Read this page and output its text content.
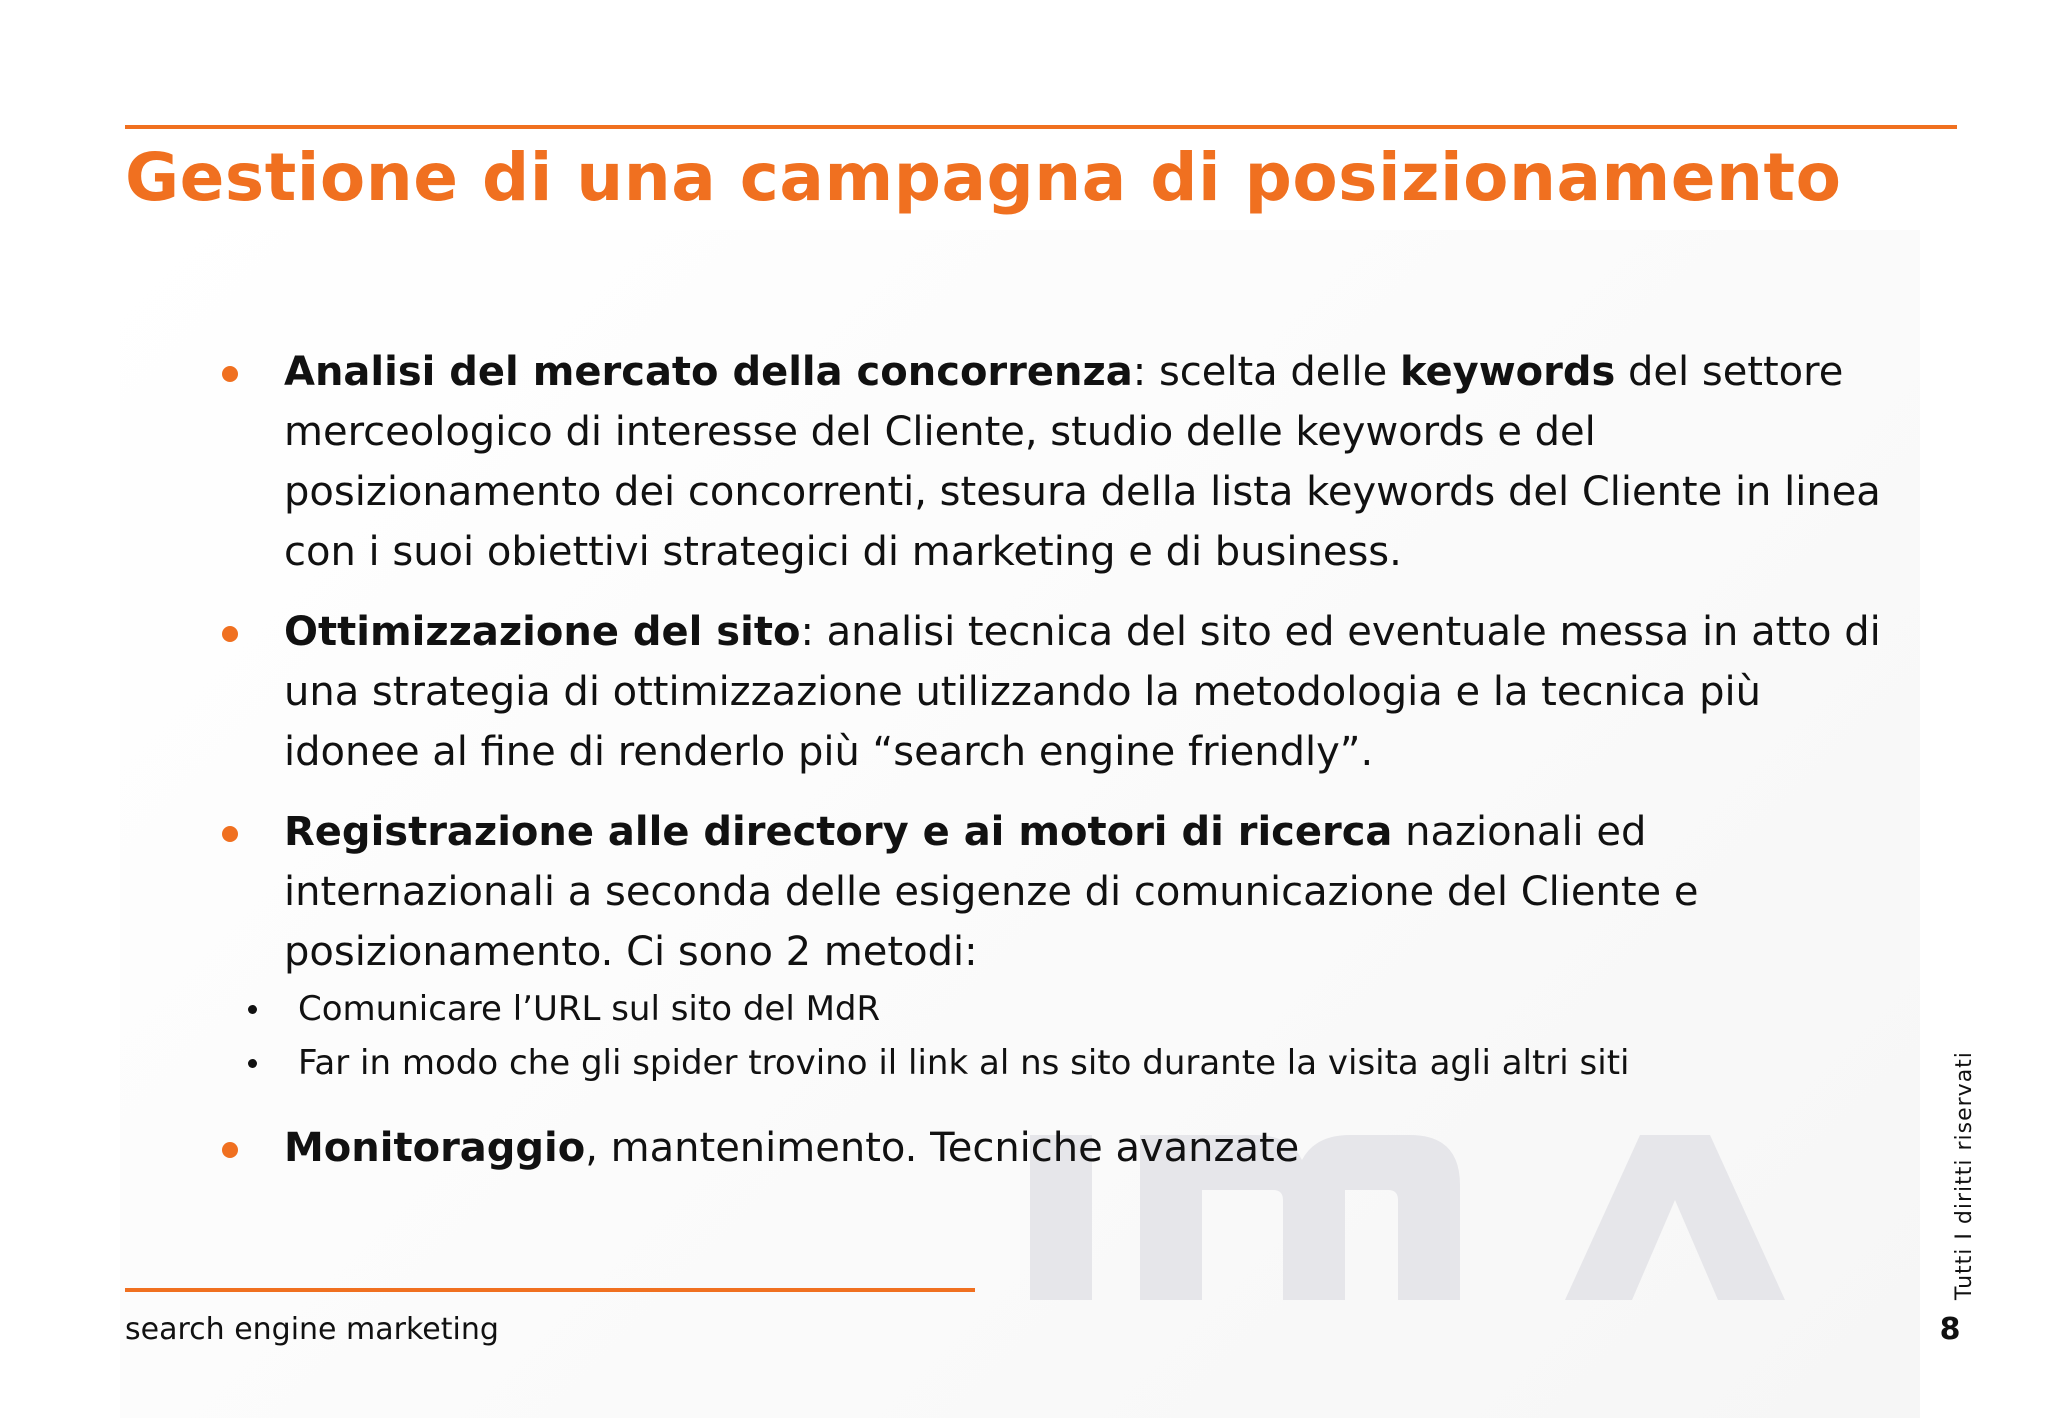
Gestione di una campagna di posizionamento
Analisi del mercato della concorrenza: scelta delle keywords del settore merceologico di interesse del Cliente, studio delle keywords e del posizionamento dei concorrenti, stesura della lista keywords del Cliente in linea con i suoi obiettivi strategici di marketing e di business.
Ottimizzazione del sito: analisi tecnica del sito ed eventuale messa in atto di una strategia di ottimizzazione utilizzando la metodologia e la tecnica più idonee al fine di renderlo più “search engine friendly”.
Registrazione alle directory e ai motori di ricerca nazionali ed internazionali a seconda delle esigenze di comunicazione del Cliente e posizionamento. Ci sono 2 metodi:
Comunicare l’URL sul sito del MdR
Far in modo che gli spider trovino il link al ns sito durante la visita agli altri siti
Monitoraggio, mantenimento. Tecniche avanzate
search engine marketing
Tutti I diritti riservati
8
